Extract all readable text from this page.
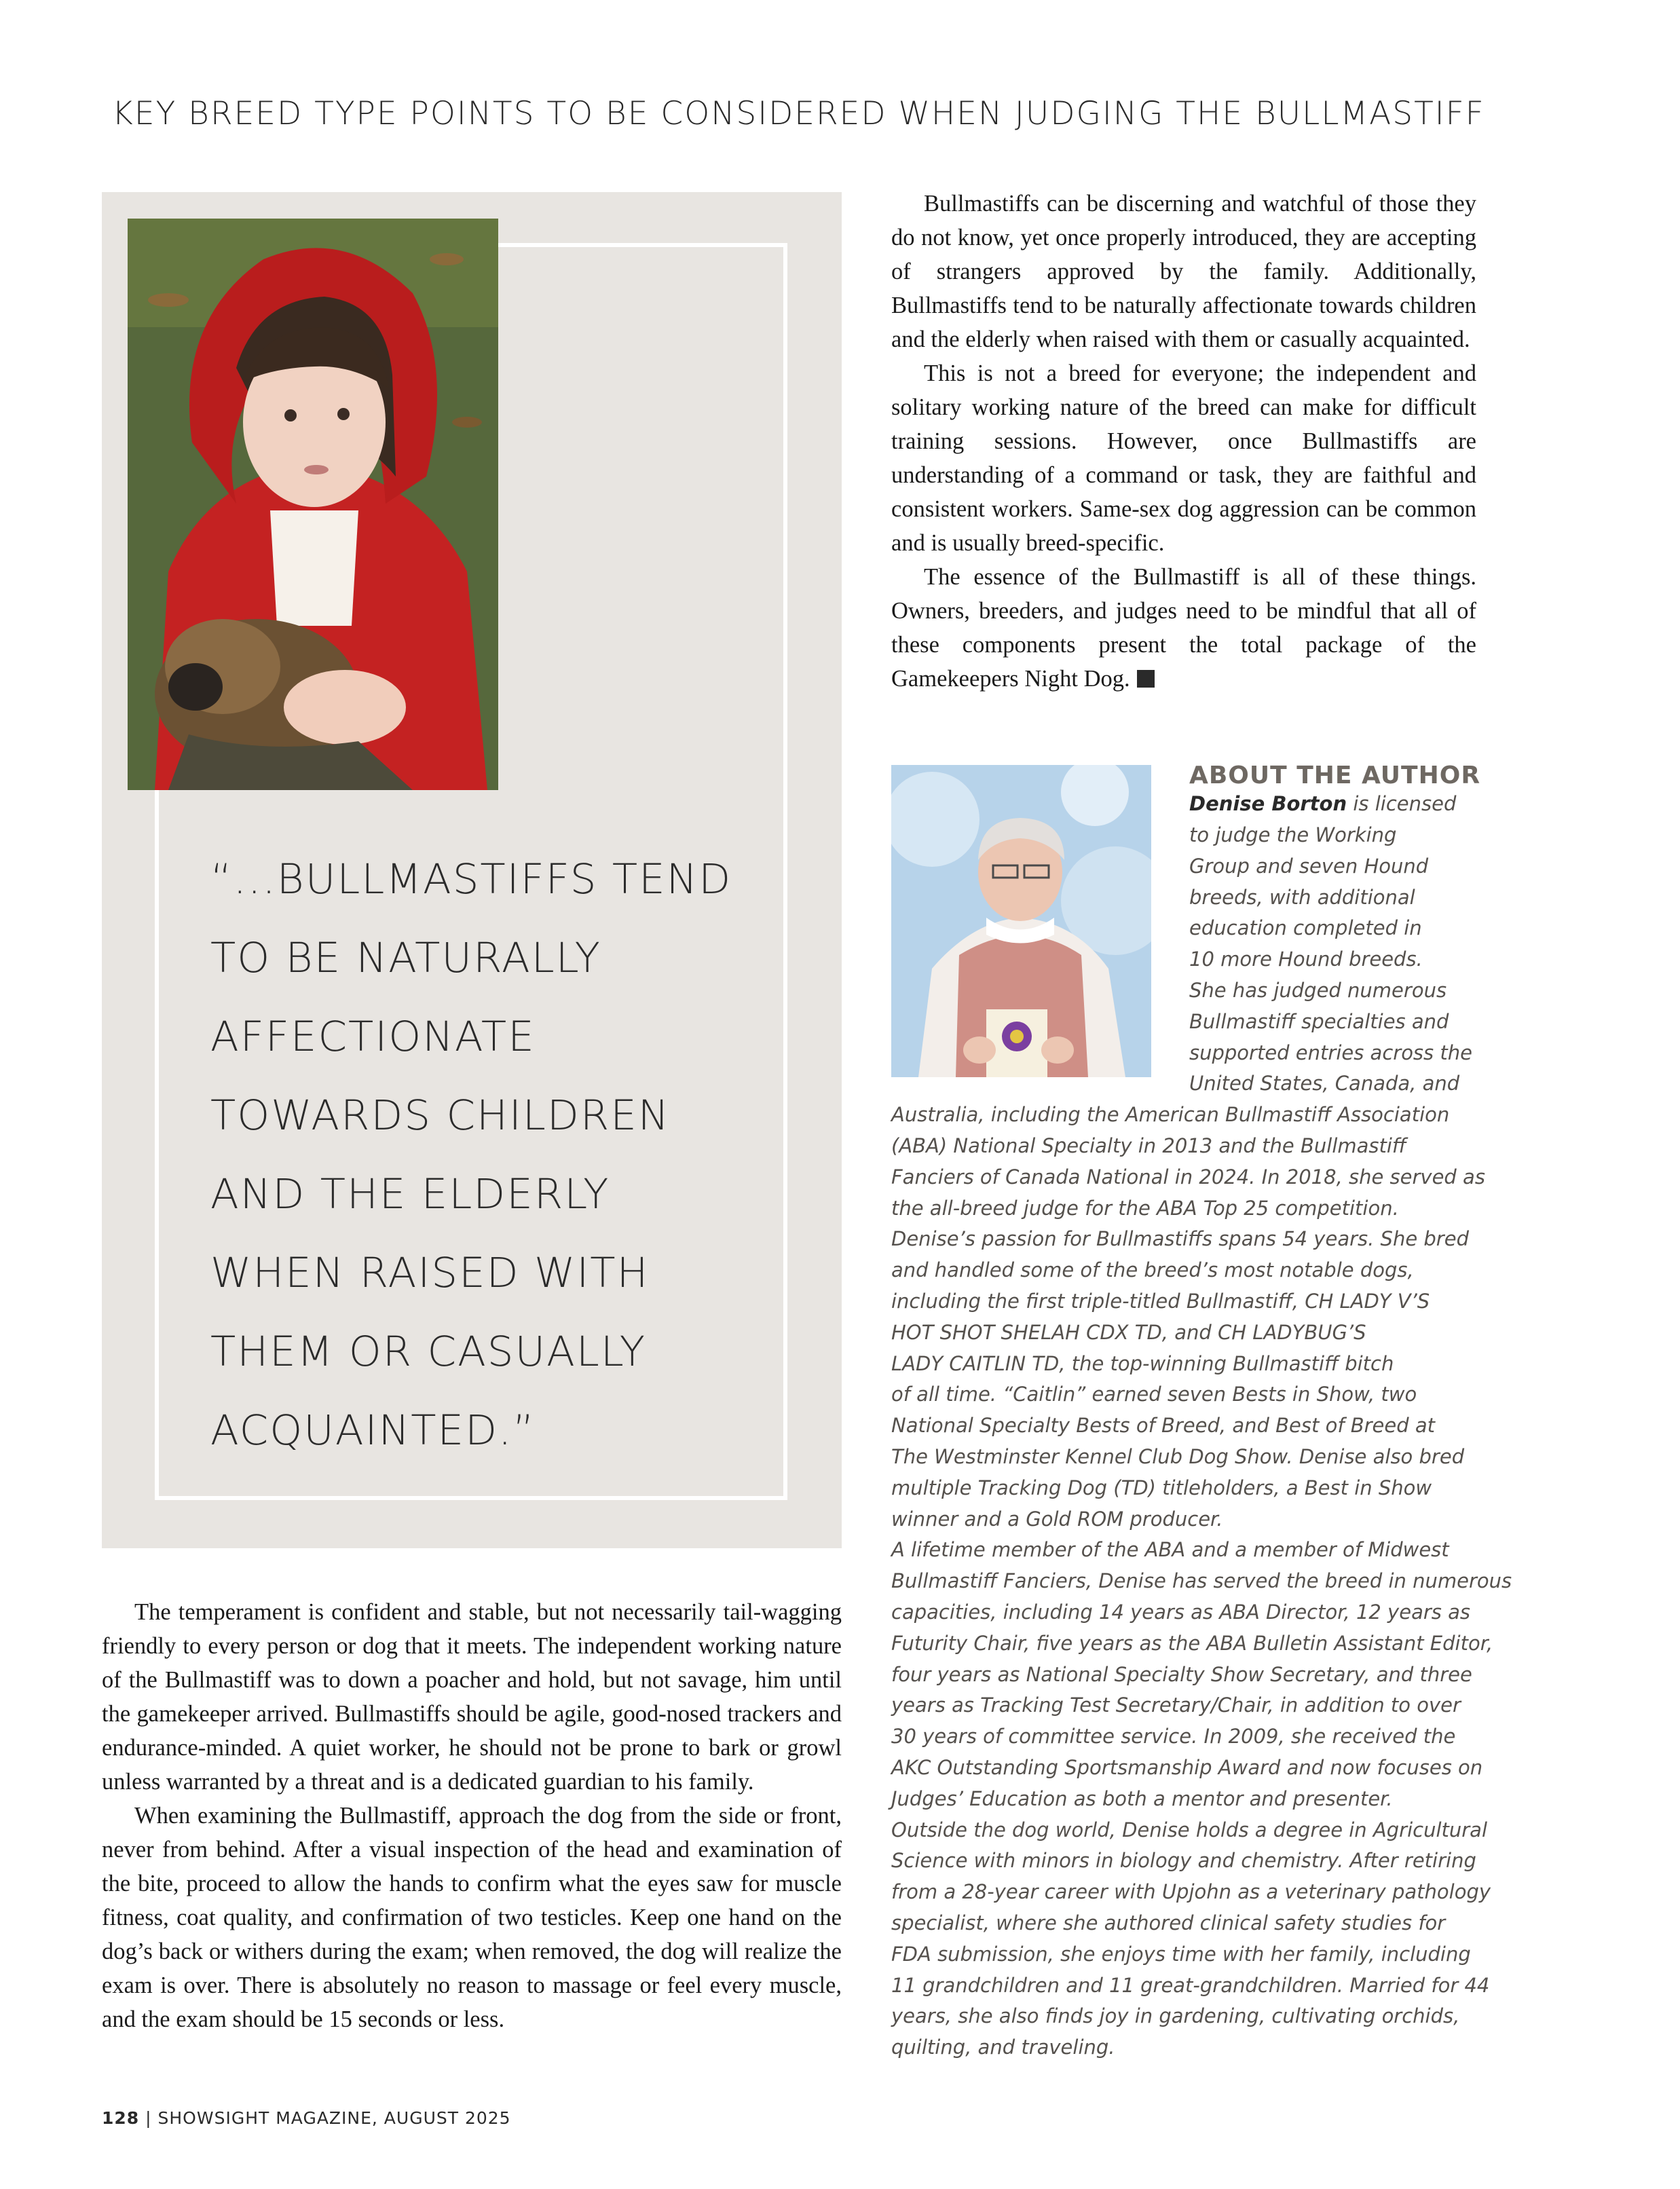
KEY BREED TYPE POINTS TO BE CONSIDERED WHEN JUDGING THE BULLMASTIFF
“...BULLMASTIFFS TEND
TO BE NATURALLY
AFFECTIONATE
TOWARDS CHILDREN
AND THE ELDERLY
WHEN RAISED WITH
THEM OR CASUALLY
ACQUAINTED.”

Bullmastiffs can be discerning and watchful of those they do not know, yet once properly introduced, they are accepting of strangers approved by the family. Additionally, Bullmastiffs tend to be naturally affectionate towards children and the elderly when raised with them or casually acquainted.

This is not a breed for everyone; the independent and solitary working nature of the breed can make for difficult training sessions. However, once Bullmastiffs are understanding of a command or task, they are faithful and consistent workers. Same-sex dog aggression can be common and is usually breed-specific.

The essence of the Bullmastiff is all of these things. Owners, breeders, and judges need to be mindful that all of these components present the total package of the Gamekeepers Night Dog.

The temperament is confident and stable, but not necessarily tail-wagging friendly to every person or dog that it meets. The independent working nature of the Bullmastiff was to down a poacher and hold, but not savage, him until the gamekeeper arrived. Bullmastiffs should be agile, good-nosed trackers and endurance-minded. A quiet worker, he should not be prone to bark or growl unless warranted by a threat and is a dedicated guardian to his family.

When examining the Bullmastiff, approach the dog from the side or front, never from behind. After a visual inspection of the head and examination of the bite, proceed to allow the hands to confirm what the eyes saw for muscle fitness, coat quality, and confirmation of two testicles. Keep one hand on the dog’s back or withers during the exam; when removed, the dog will realize the exam is over. There is absolutely no reason to massage or feel every muscle, and the exam should be 15 seconds or less.

ABOUT THE AUTHOR
Denise Borton is licensed
to judge the Working
Group and seven Hound
breeds, with additional
education completed in
10 more Hound breeds.
She has judged numerous
Bullmastiff specialties and
supported entries across the
United States, Canada, and
Australia, including the American Bullmastiff Association
(ABA) National Specialty in 2013 and the Bullmastiff
Fanciers of Canada National in 2024. In 2018, she served as
the all-breed judge for the ABA Top 25 competition.
Denise’s passion for Bullmastiffs spans 54 years. She bred
and handled some of the breed’s most notable dogs,
including the first triple-titled Bullmastiff, CH LADY V’S
HOT SHOT SHELAH CDX TD, and CH LADYBUG’S
LADY CAITLIN TD, the top-winning Bullmastiff bitch
of all time. “Caitlin” earned seven Bests in Show, two
National Specialty Bests of Breed, and Best of Breed at
The Westminster Kennel Club Dog Show. Denise also bred
multiple Tracking Dog (TD) titleholders, a Best in Show
winner and a Gold ROM producer.
A lifetime member of the ABA and a member of Midwest
Bullmastiff Fanciers, Denise has served the breed in numerous
capacities, including 14 years as ABA Director, 12 years as
Futurity Chair, five years as the ABA Bulletin Assistant Editor,
four years as National Specialty Show Secretary, and three
years as Tracking Test Secretary/Chair, in addition to over
30 years of committee service. In 2009, she received the
AKC Outstanding Sportsmanship Award and now focuses on
Judges’ Education as both a mentor and presenter.
Outside the dog world, Denise holds a degree in Agricultural
Science with minors in biology and chemistry. After retiring
from a 28-year career with Upjohn as a veterinary pathology
specialist, where she authored clinical safety studies for
FDA submission, she enjoys time with her family, including
11 grandchildren and 11 great-grandchildren. Married for 44
years, she also finds joy in gardening, cultivating orchids,
quilting, and traveling.
128 | SHOWSIGHT MAGAZINE, AUGUST 2025
